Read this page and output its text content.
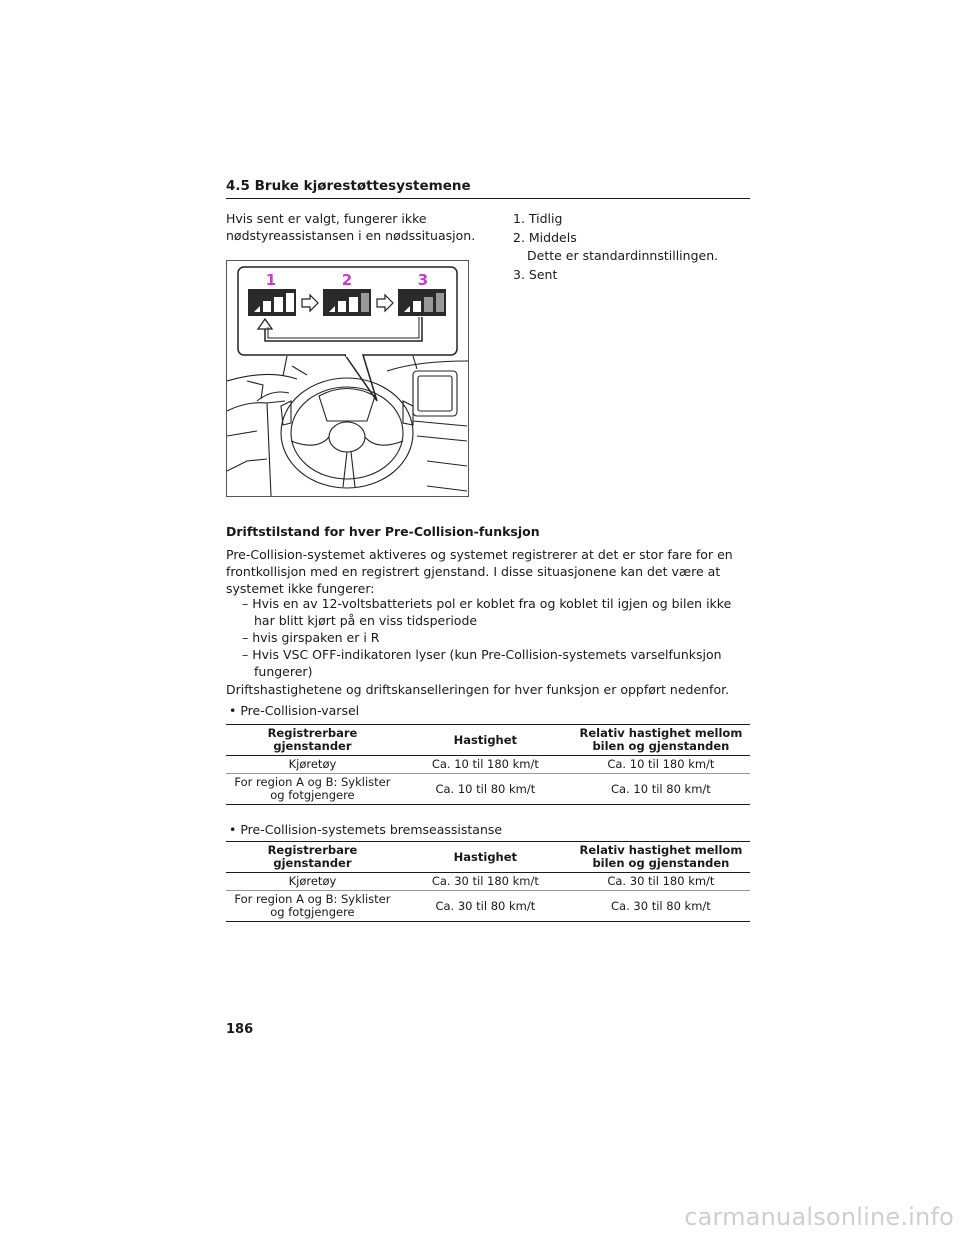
4.5 Bruke kjørestøttesystemene
Hvis sent er valgt, fungerer ikke nødstyreassistansen i en nødssituasjon.
1. Tidlig
2. Middels
Dette er standardinnstillingen.
3. Sent
1	2	3
Driftstilstand for hver Pre-Collision-funksjon
Pre-Collision-systemet aktiveres og systemet registrerer at det er stor fare for en frontkollisjon med en registrert gjenstand. I disse situasjonene kan det være at systemet ikke fungerer:
– Hvis en av 12-voltsbatteriets pol er koblet fra og koblet til igjen og bilen ikke har blitt kjørt på en viss tidsperiode
– hvis girspaken er i R
– Hvis VSC OFF-indikatoren lyser (kun Pre-Collision-systemets varselfunksjon fungerer)
Driftshastighetene og driftskanselleringen for hver funksjon er oppført nedenfor.
• Pre-Collision-varsel
Registrerbare gjenstander	Hastighet	Relativ hastighet mellom bilen og gjenstanden
Kjøretøy	Ca. 10 til 180 km/t	Ca. 10 til 180 km/t
For region A og B: Syklister og fotgjengere	Ca. 10 til 80 km/t	Ca. 10 til 80 km/t
• Pre-Collision-systemets bremseassistanse
Registrerbare gjenstander	Hastighet	Relativ hastighet mellom bilen og gjenstanden
Kjøretøy	Ca. 30 til 180 km/t	Ca. 30 til 180 km/t
For region A og B: Syklister og fotgjengere	Ca. 30 til 80 km/t	Ca. 30 til 80 km/t
186
carmanualsonline.info
